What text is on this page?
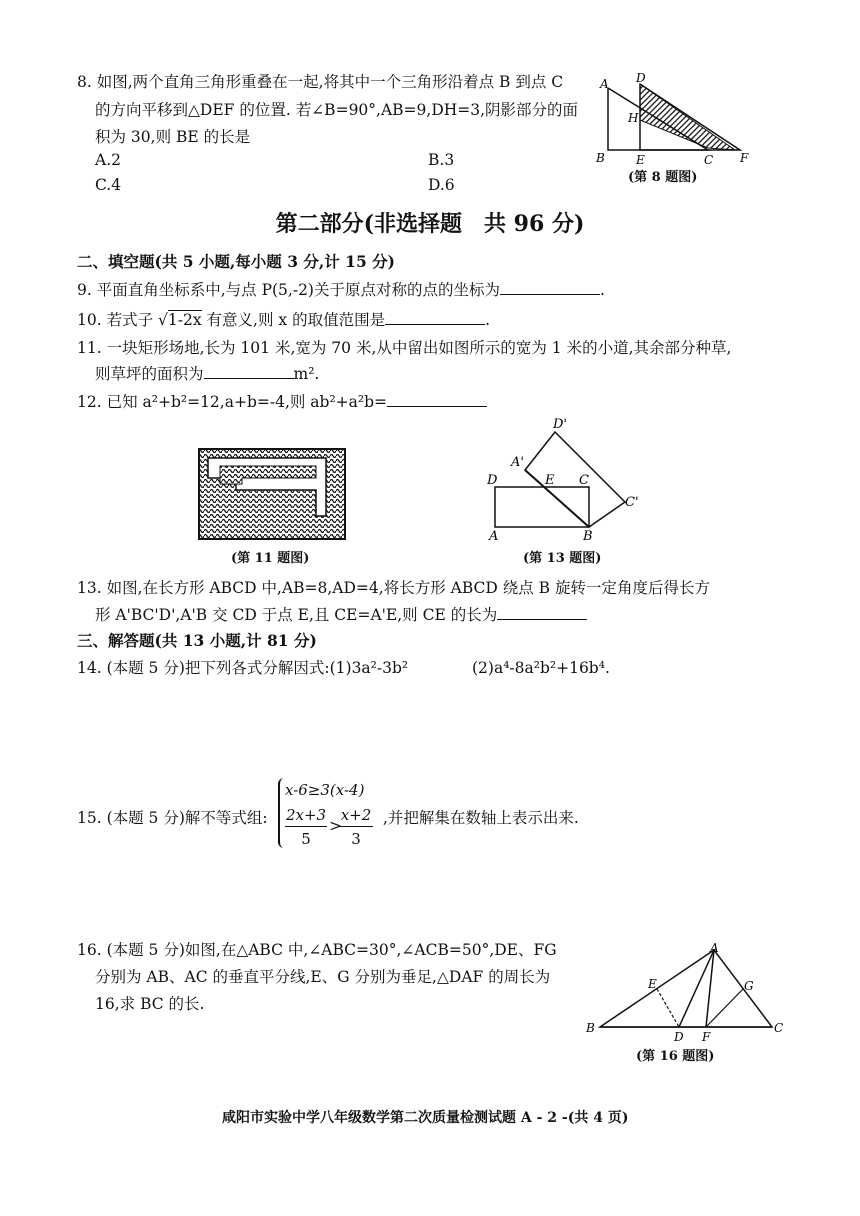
8. 如图,两个直角三角形重叠在一起,将其中一个三角形沿着点 B 到点 C
的方向平移到△DEF 的位置. 若∠B=90°,AB=9,DH=3,阴影部分的面
积为 30,则 BE 的长是
A.2	B.3
C.4	D.6
A D
H
B	E	C F
(第 8 题图)
第二部分(非选择题　共 96 分)
二、填空题(共 5 小题,每小题 3 分,计 15 分)
9. 平面直角坐标系中,与点 P(5,-2)关于原点对称的点的坐标为	.
10. 若式子 √1-2x 有意义,则 x 的取值范围是	.
11. 一块矩形场地,长为 101 米,宽为 70 米,从中留出如图所示的宽为 1 米的小道,其余部分种草,
则草坪的面积为	m².
12. 已知 a²+b²=12,a+b=-4,则 ab²+a²b=
(第 11 题图)
D'
A'
D	E C
C'
A	B
(第 13 题图)
13. 如图,在长方形 ABCD 中,AB=8,AD=4,将长方形 ABCD 绕点 B 旋转一定角度后得长方
形 A'BC'D',A'B 交 CD 于点 E,且 CE=A'E,则 CE 的长为
三、解答题(共 13 小题,计 81 分)
14. (本题 5 分)把下列各式分解因式:(1)3a²-3b²	(2)a⁴-8a²b²+16b⁴.
15. (本题 5 分)解不等式组:
x-6≥3(x-4)
2x+3
5
>
x+2
3
,并把解集在数轴上表示出来.
16. (本题 5 分)如图,在△ABC 中,∠ABC=30°,∠ACB=50°,DE、FG
分别为 AB、AC 的垂直平分线,E、G 分别为垂足,△DAF 的周长为
16,求 BC 的长.
A
E	G
B
D F
C
(第 16 题图)
咸阳市实验中学八年级数学第二次质量检测试题 A - 2 -(共 4 页)
